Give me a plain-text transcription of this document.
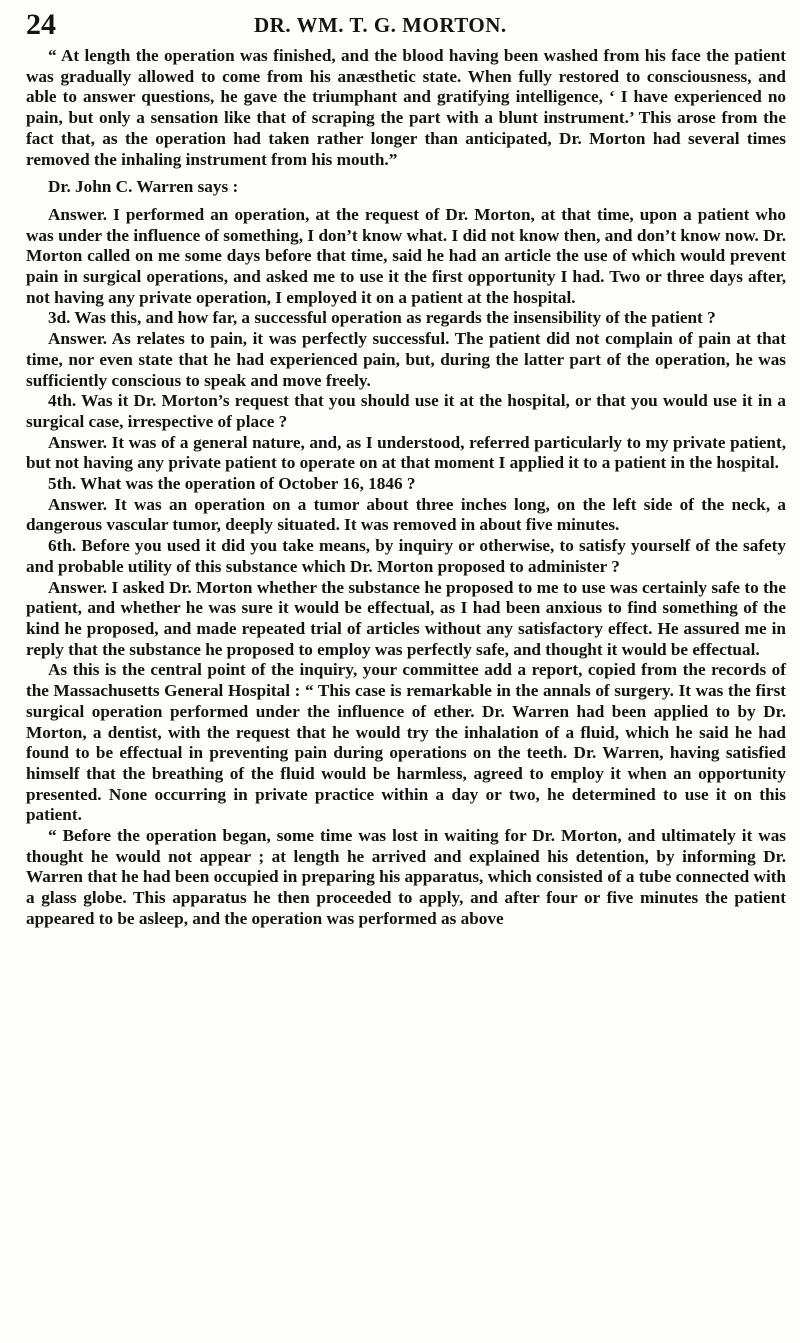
24	DR. WM. T. G. MORTON.

“ At length the operation was finished, and the blood having been washed from his face the patient was gradually allowed to come from his anæsthetic state. When fully restored to consciousness, and able to answer questions, he gave the triumphant and gratifying intelligence, ‘ I have experienced no pain, but only a sensation like that of scraping the part with a blunt instrument.’ This arose from the fact that, as the operation had taken rather longer than anticipated, Dr. Morton had several times removed the inhaling instrument from his mouth.”

Dr. John C. Warren says :

Answer. I performed an operation, at the request of Dr. Morton, at that time, upon a patient who was under the influence of something, I don’t know what. I did not know then, and don’t know now. Dr. Morton called on me some days before that time, said he had an article the use of which would prevent pain in surgical operations, and asked me to use it the first opportunity I had. Two or three days after, not having any private operation, I employed it on a patient at the hospital.

3d. Was this, and how far, a successful operation as regards the insensibility of the patient ?

Answer. As relates to pain, it was perfectly successful. The patient did not complain of pain at that time, nor even state that he had experienced pain, but, during the latter part of the operation, he was sufficiently conscious to speak and move freely.

4th. Was it Dr. Morton’s request that you should use it at the hospital, or that you would use it in a surgical case, irrespective of place ?

Answer. It was of a general nature, and, as I understood, referred particularly to my private patient, but not having any private patient to operate on at that moment I applied it to a patient in the hospital.

5th. What was the operation of October 16, 1846 ?

Answer. It was an operation on a tumor about three inches long, on the left side of the neck, a dangerous vascular tumor, deeply situated. It was removed in about five minutes.

6th. Before you used it did you take means, by inquiry or otherwise, to satisfy yourself of the safety and probable utility of this substance which Dr. Morton proposed to administer ?

Answer. I asked Dr. Morton whether the substance he proposed to me to use was certainly safe to the patient, and whether he was sure it would be effectual, as I had been anxious to find something of the kind he proposed, and made repeated trial of articles without any satisfactory effect. He assured me in reply that the substance he proposed to employ was perfectly safe, and thought it would be effectual.

As this is the central point of the inquiry, your committee add a report, copied from the records of the Massachusetts General Hospital : “ This case is remarkable in the annals of surgery. It was the first surgical operation performed under the influence of ether. Dr. Warren had been applied to by Dr. Morton, a dentist, with the request that he would try the inhalation of a fluid, which he said he had found to be effectual in preventing pain during operations on the teeth. Dr. Warren, having satisfied himself that the breathing of the fluid would be harmless, agreed to employ it when an opportunity presented. None occurring in private practice within a day or two, he determined to use it on this patient.

“ Before the operation began, some time was lost in waiting for Dr. Morton, and ultimately it was thought he would not appear ; at length he arrived and explained his detention, by informing Dr. Warren that he had been occupied in preparing his apparatus, which consisted of a tube connected with a glass globe. This apparatus he then proceeded to apply, and after four or five minutes the patient appeared to be asleep, and the operation was performed as above
